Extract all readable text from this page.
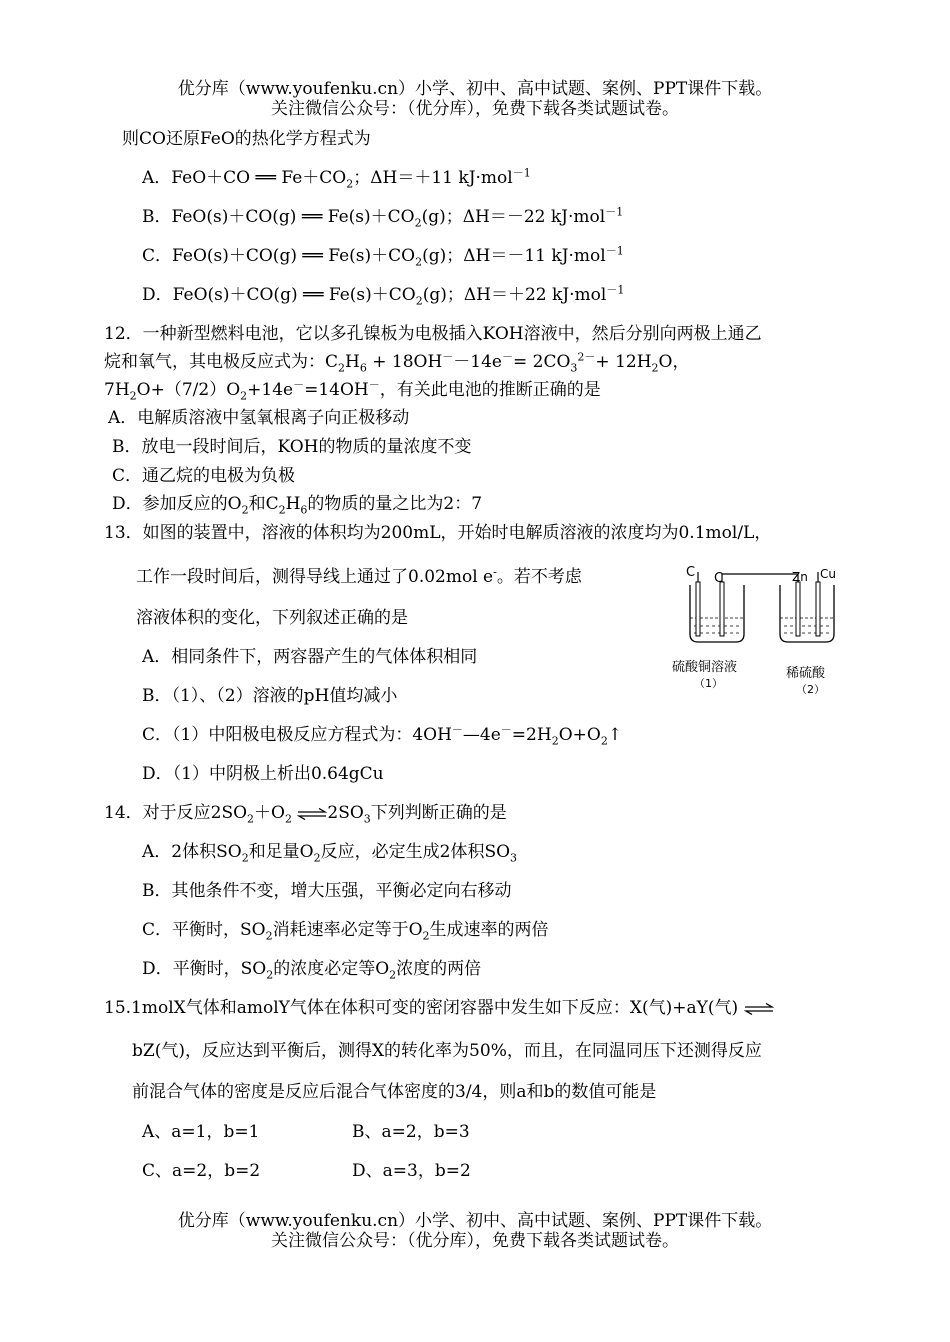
优分库（www.youfenku.cn）小学、初中、高中试题、案例、PPT课件下载。
关注微信公众号：（优分库），免费下载各类试题试卷。
则CO还原FeO的热化学方程式为
A．FeO＋CO ══ $Fe+CO_2$；ΔH＝＋11 kJ·mol$^{-1}$
B．FeO(s)＋CO(g) ══ $Fe(s)+CO_2(g)$；ΔH＝－22 kJ·mol$^{-1}$
C．FeO(s)＋CO(g) ══ $Fe(s)+CO_2(g)$；ΔH＝－11 kJ·mol$^{-1}$
D．FeO(s)＋CO(g) ══ $Fe(s)+CO_2(g)$；ΔH＝＋22 kJ·mol$^{-1}$
12．一种新型燃料电池，它以多孔镍板为电极插入KOH溶液中，然后分别向两极上通乙
烷和氧气，其电极反应式为：$C_2H_6 + 18OH^--14e^-= 2CO_3^{2-}+ 12H_2O$，
$7H_2O+(7/2)O_2+14e^-=14OH^-$，有关此电池的推断正确的是
A．电解质溶液中氢氧根离子向正极移动
B．放电一段时间后，KOH的物质的量浓度不变
C．通乙烷的电极为负极
D．参加反应的$O_2$和$C_2H_6$的物质的量之比为2：7
13．如图的装置中，溶液的体积均为200mL，开始时电解质溶液的浓度均为0.1mol/L，
工作一段时间后，测得导线上通过了0.02mol e-。若不考虑
溶液体积的变化，下列叙述正确的是
A．相同条件下，两容器产生的气体体积相同
B．（1）、（2）溶液的pH值均减小
C．（1）中阳极电极反应方程式为：$4OH^-—4e^-=2H_2O+O_2↑$
D．（1）中阴极上析出0.64gCu
C C	Zn Cu
硫酸铜溶液
（1）
稀硫酸
（2）
14．对于反应$2SO_2+O_2$ $\rightleftharpoons 2SO_3$下列判断正确的是
A．2体积$SO_2$和足量$O_2$反应，必定生成2体积$SO_3$
B．其他条件不变，增大压强，平衡必定向右移动
C．平衡时，$SO_2$消耗速率必定等于$O_2$生成速率的两倍
D．平衡时，$SO_2$的浓度必定等$O_2$浓度的两倍
15.1molX气体和amolY气体在体积可变的密闭容器中发生如下反应：X(气)+aY(气) ⇌
bZ(气)，反应达到平衡后，测得X的转化率为50%，而且，在同温同压下还测得反应
前混合气体的密度是反应后混合气体密度的3/4，则a和b的数值可能是
A、a=1，b=1	B、a=2，b=3
C、a=2，b=2	D、a=3，b=2
优分库（www.youfenku.cn）小学、初中、高中试题、案例、PPT课件下载。
关注微信公众号：（优分库），免费下载各类试题试卷。
